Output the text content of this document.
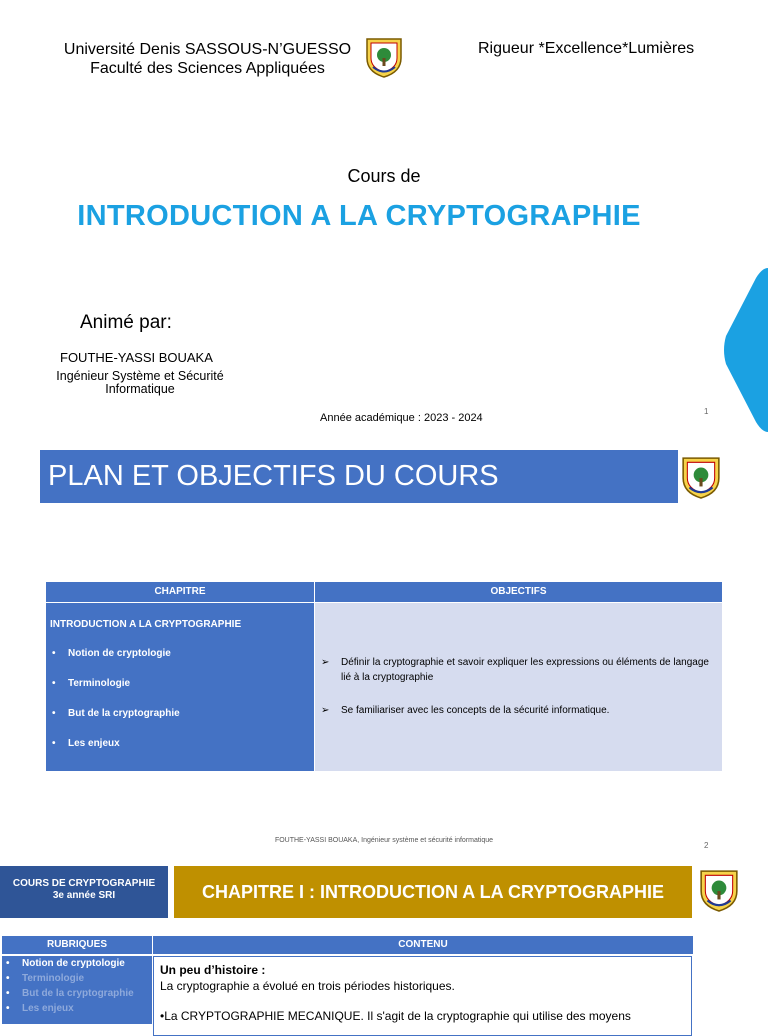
Université Denis SASSOUS-N’GUESSO
Faculté des Sciences Appliquées
Rigueur *Excellence*Lumières
Cours de
INTRODUCTION A LA CRYPTOGRAPHIE
Animé par:
FOUTHE-YASSI BOUAKA
Ingénieur Système et Sécurité Informatique
Année académique : 2023 - 2024
1
PLAN ET OBJECTIFS DU COURS
CHAPITRE	OBJECTIFS
INTRODUCTION A LA CRYPTOGRAPHIE
• Notion de cryptologie
• Terminologie
• But de la cryptographie
• Les enjeux
➢ Définir la cryptographie et savoir expliquer les expressions ou éléments de langage lié à la cryptographie
➢ Se familiariser avec les concepts de la sécurité informatique.
FOUTHE-YASSI BOUAKA, Ingénieur système et sécurité informatique
2
COURS DE CRYPTOGRAPHIE
3e année SRI	CHAPITRE I : INTRODUCTION A LA CRYPTOGRAPHIE
RUBRIQUES	CONTENU
• Notion de cryptologie
• Terminologie
• But de la cryptographie
• Les enjeux
Un peu d’histoire :
La cryptographie a évolué en trois périodes historiques.
•La CRYPTOGRAPHIE MECANIQUE. Il s'agit de la cryptographie qui utilise des moyens
